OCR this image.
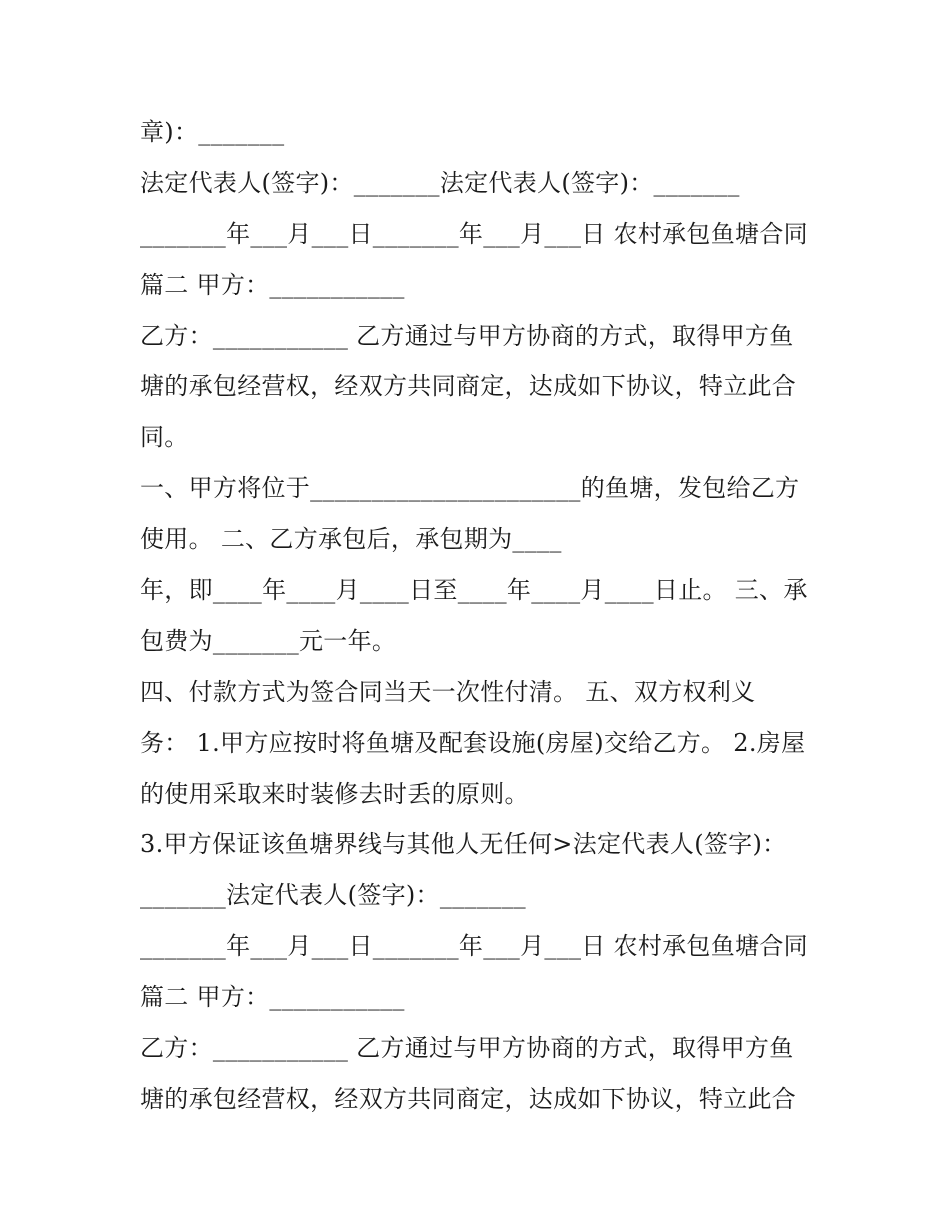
章)：_______
法定代表人(签字)：_______法定代表人(签字)：_______
_______年___月___日_______年___月___日 农村承包鱼塘合同
篇二 甲方：___________
乙方：___________ 乙方通过与甲方协商的方式，取得甲方鱼
塘的承包经营权，经双方共同商定，达成如下协议，特立此合
同。
一、甲方将位于______________________的鱼塘，发包给乙方
使用。 二、乙方承包后，承包期为____
年，即____年____月____日至____年____月____日止。 三、承
包费为_______元一年。
四、付款方式为签合同当天一次性付清。 五、双方权利义
务： 1.甲方应按时将鱼塘及配套设施(房屋)交给乙方。 2.房屋
的使用采取来时装修去时丢的原则。
3.甲方保证该鱼塘界线与其他人无任何>法定代表人(签字)：
_______法定代表人(签字)：_______
_______年___月___日_______年___月___日 农村承包鱼塘合同
篇二 甲方：___________
乙方：___________ 乙方通过与甲方协商的方式，取得甲方鱼
塘的承包经营权，经双方共同商定，达成如下协议，特立此合
